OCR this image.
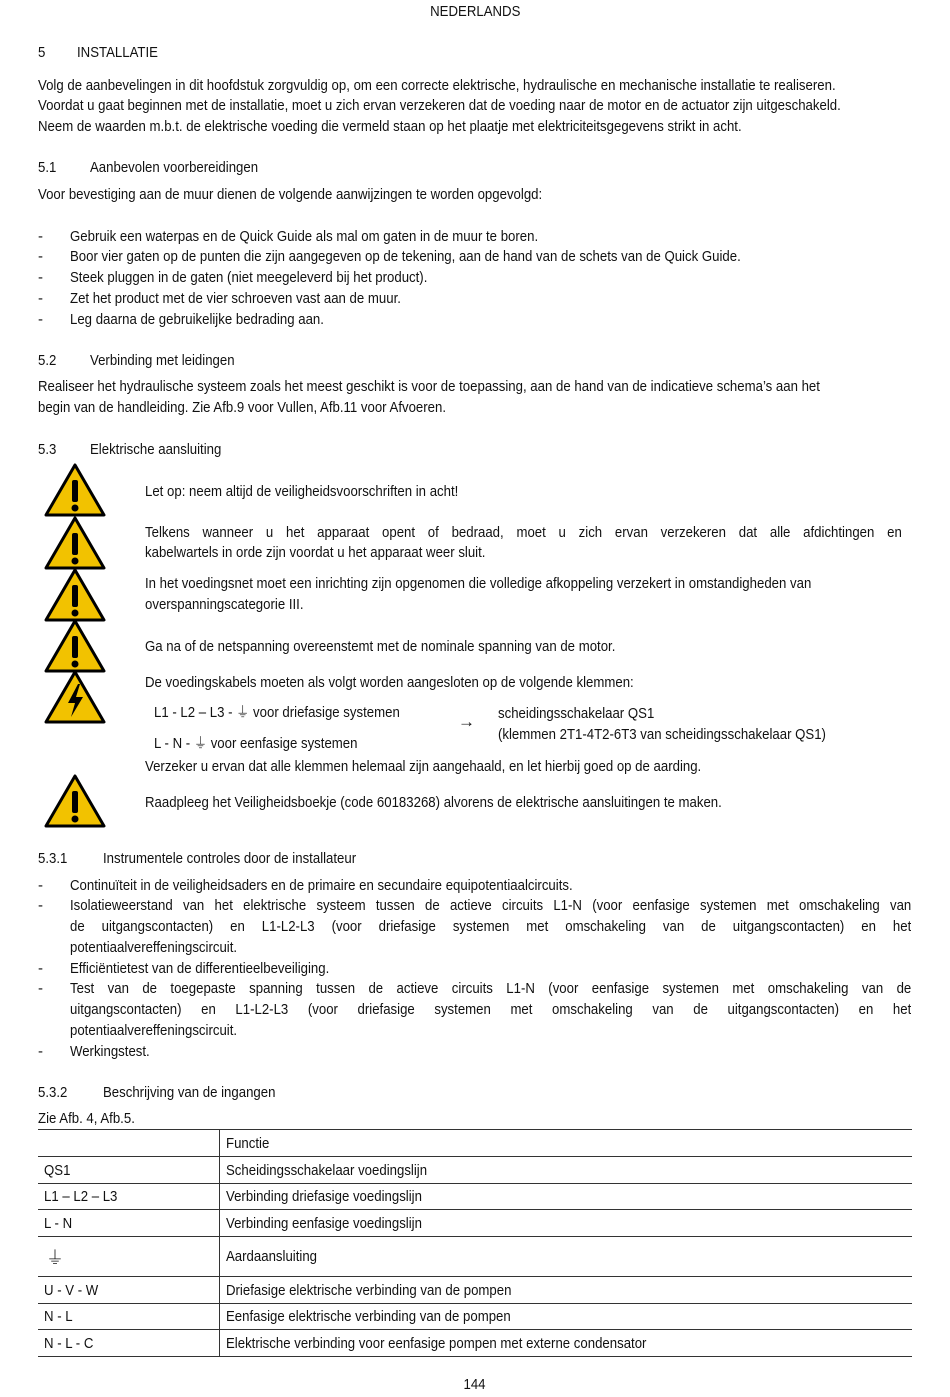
NEDERLANDS
5 INSTALLATIE
Volg de aanbevelingen in dit hoofdstuk zorgvuldig op, om een correcte elektrische, hydraulische en mechanische installatie te realiseren.
Voordat u gaat beginnen met de installatie, moet u zich ervan verzekeren dat de voeding naar de motor en de actuator zijn uitgeschakeld.
Neem de waarden m.b.t. de elektrische voeding die vermeld staan op het plaatje met elektriciteitsgegevens strikt in acht.
5.1 Aanbevolen voorbereidingen
Voor bevestiging aan de muur dienen de volgende aanwijzingen te worden opgevolgd:
- Gebruik een waterpas en de Quick Guide als mal om gaten in de muur te boren.
- Boor vier gaten op de punten die zijn aangegeven op de tekening, aan de hand van de schets van de Quick Guide.
- Steek pluggen in de gaten (niet meegeleverd bij het product).
- Zet het product met de vier schroeven vast aan de muur.
- Leg daarna de gebruikelijke bedrading aan.
5.2 Verbinding met leidingen
Realiseer het hydraulische systeem zoals het meest geschikt is voor de toepassing, aan de hand van de indicatieve schema’s aan het
begin van de handleiding. Zie Afb.9 voor Vullen, Afb.11 voor Afvoeren.
5.3 Elektrische aansluiting
Let op: neem altijd de veiligheidsvoorschriften in acht!
Telkens wanneer u het apparaat opent of bedraad, moet u zich ervan verzekeren dat alle afdichtingen en
kabelwartels in orde zijn voordat u het apparaat weer sluit.
In het voedingsnet moet een inrichting zijn opgenomen die volledige afkoppeling verzekert in omstandigheden van
overspanningscategorie III.
Ga na of de netspanning overeenstemt met de nominale spanning van de motor.
De voedingskabels moeten als volgt worden aangesloten op de volgende klemmen:
L1 - L2 – L3 - ⏚ voor driefasige systemen
L - N - ⏚ voor eenfasige systemen
→ scheidingsschakelaar QS1
(klemmen 2T1-4T2-6T3 van scheidingsschakelaar QS1)
Verzeker u ervan dat alle klemmen helemaal zijn aangehaald, en let hierbij goed op de aarding.
Raadpleeg het Veiligheidsboekje (code 60183268) alvorens de elektrische aansluitingen te maken.
5.3.1 Instrumentele controles door de installateur
- Continuïteit in de veiligheidsaders en de primaire en secundaire equipotentiaalcircuits.
- Isolatieweerstand van het elektrische systeem tussen de actieve circuits L1-N (voor eenfasige systemen met omschakeling van
de uitgangscontacten) en L1-L2-L3 (voor driefasige systemen met omschakeling van de uitgangscontacten) en het
potentiaalvereffeningscircuit.
- Efficiëntietest van de differentieelbeveiliging.
- Test van de toegepaste spanning tussen de actieve circuits L1-N (voor eenfasige systemen met omschakeling van de
uitgangscontacten) en L1-L2-L3 (voor driefasige systemen met omschakeling van de uitgangscontacten) en het
potentiaalvereffeningscircuit.
- Werkingstest.
5.3.2 Beschrijving van de ingangen
Zie Afb. 4, Afb.5.
	Functie
QS1	Scheidingsschakelaar voedingslijn
L1 – L2 – L3	Verbinding driefasige voedingslijn
L - N	Verbinding eenfasige voedingslijn
⏚	Aardaansluiting
U - V - W	Driefasige elektrische verbinding van de pompen
N - L	Eenfasige elektrische verbinding van de pompen
N - L - C	Elektrische verbinding voor eenfasige pompen met externe condensator
144
